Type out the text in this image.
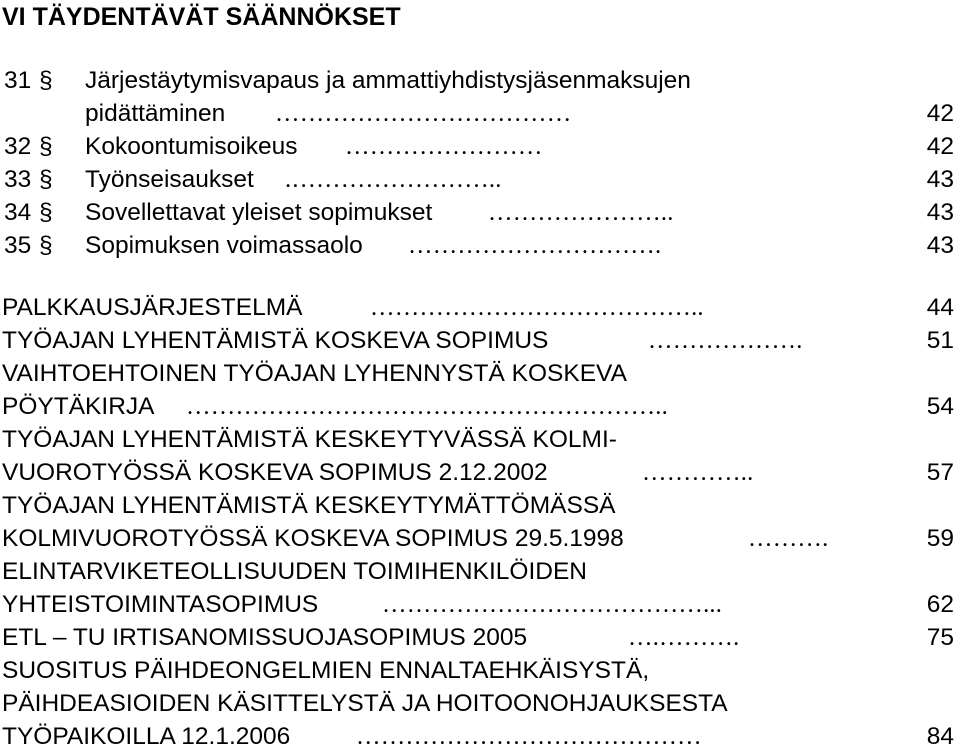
VI TÄYDENTÄVÄT SÄÄNNÖKSET
31 § Järjestäytymisvapaus ja ammattiyhdistysjäsenmaksujen
pidättäminen ………………………………	42
32 § Kokoontumisoikeus ……………………	42
33 § Työnseisaukset .……………………..	43
34 § Sovellettavat yleiset sopimukset …………………..	43
35 § Sopimuksen voimassaolo ………………………….	43
PALKKAUSJÄRJESTELMÄ	…………………………………..	44
TYÖAJAN LYHENTÄMISTÄ KOSKEVA SOPIMUS	……………….	51
VAIHTOEHTOINEN TYÖAJAN LYHENNYSTÄ KOSKEVA
PÖYTÄKIRJA …………………………………………………..	54
TYÖAJAN LYHENTÄMISTÄ KESKEYTYVÄSSÄ KOLMI-
VUOROTYÖSSÄ KOSKEVA SOPIMUS 2.12.2002	…………..	57
TYÖAJAN LYHENTÄMISTÄ KESKEYTYMÄTTÖMÄSSÄ
KOLMIVUOROTYÖSSÄ KOSKEVA SOPIMUS 29.5.1998	……….	59
ELINTARVIKETEOLLISUUDEN TOIMIHENKILÖIDEN
YHTEISTOIMINTASOPIMUS	…………………………………...	62
ETL – TU IRTISANOMISSUOJASOPIMUS 2005	….……….	75
SUOSITUS PÄIHDEONGELMIEN ENNALTAEHKÄISYSTÄ,
PÄIHDEASIOIDEN KÄSITTELYSTÄ JA HOITOONOHJAUKSESTA
TYÖPAIKOILLA 12.1.2006	……………………………………	84
